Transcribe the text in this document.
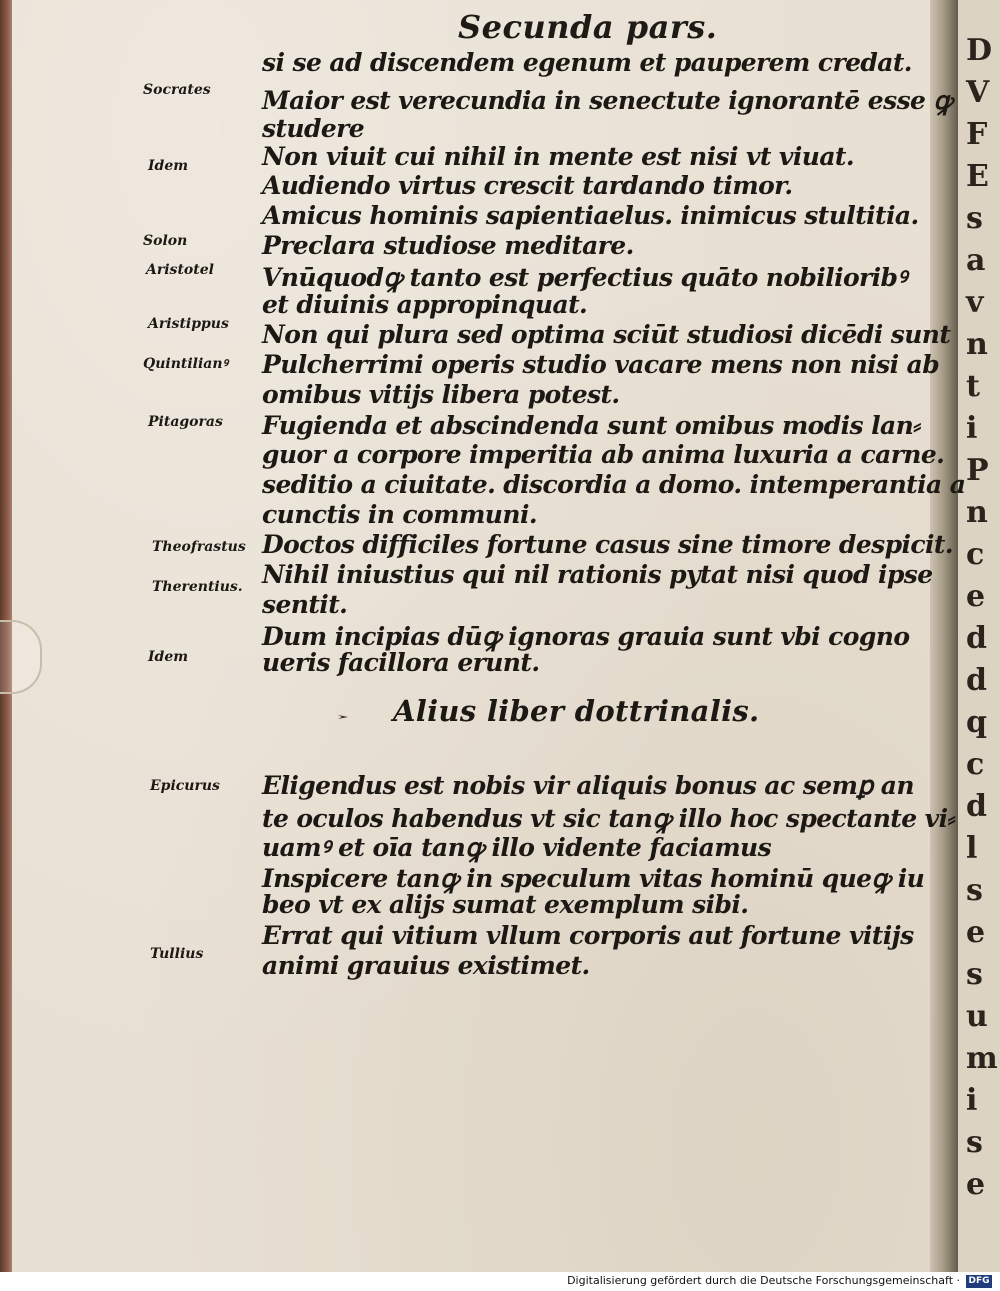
D
V
F
E
s
a
v
n
t
i
P
n
c
e
d
d
q
c
d
l
s
e
s
u
m
i
s
e
Secunda pars.
si se ad discendem egenum et pauperem credat.
Maior est verecundia in senectute ignorantē esse ꝙ
studere
Non viuit cui nihil in mente est nisi vt viuat.
Audiendo virtus crescit tardando timor.
Amicus hominis sapientiaelus. inimicus stultitia.
Preclara studiose meditare.
Vnūquodꝙ tanto est perfectius quāto nobilioribꝰ
et diuinis appropinquat.
Non qui plura sed optima sciūt studiosi dicēdi sunt
Pulcherrimi operis studio vacare mens non nisi ab
omibus vitijs libera potest.
Fugienda et abscindenda sunt omibus modis lan⸗
guor a corpore imperitia ab anima luxuria a carne.
seditio a ciuitate. discordia a domo. intemperantia a
cunctis in communi.
Doctos difficiles fortune casus sine timore despicit.
Nihil iniustius qui nil rationis pytat nisi quod ipse
sentit.
Dum incipias dūꝙ ignoras grauia sunt vbi cogno
ueris facillora erunt.
Eligendus est nobis vir aliquis bonus ac semꝑ an
te oculos habendus vt sic tanꝙ illo hoc spectante vi⸗
uamꝰ et oīa tanꝙ illo vidente faciamus
Inspicere tanꝙ in speculum vitas hominū queꝙ iu
beo vt ex alijs sumat exemplum sibi.
Errat qui vitium vllum corporis aut fortune vitijs
animi grauius existimet.
Socrates
Idem
Solon
Aristotel
Aristippus
Quintilianꝰ
Pitagoras
Theofrastus
Therentius.
Idem
Epicurus
Tullius
Alius liber dottrinalis.
Digitalisierung gefördert durch die Deutsche Forschungsgemeinschaft · DFG
